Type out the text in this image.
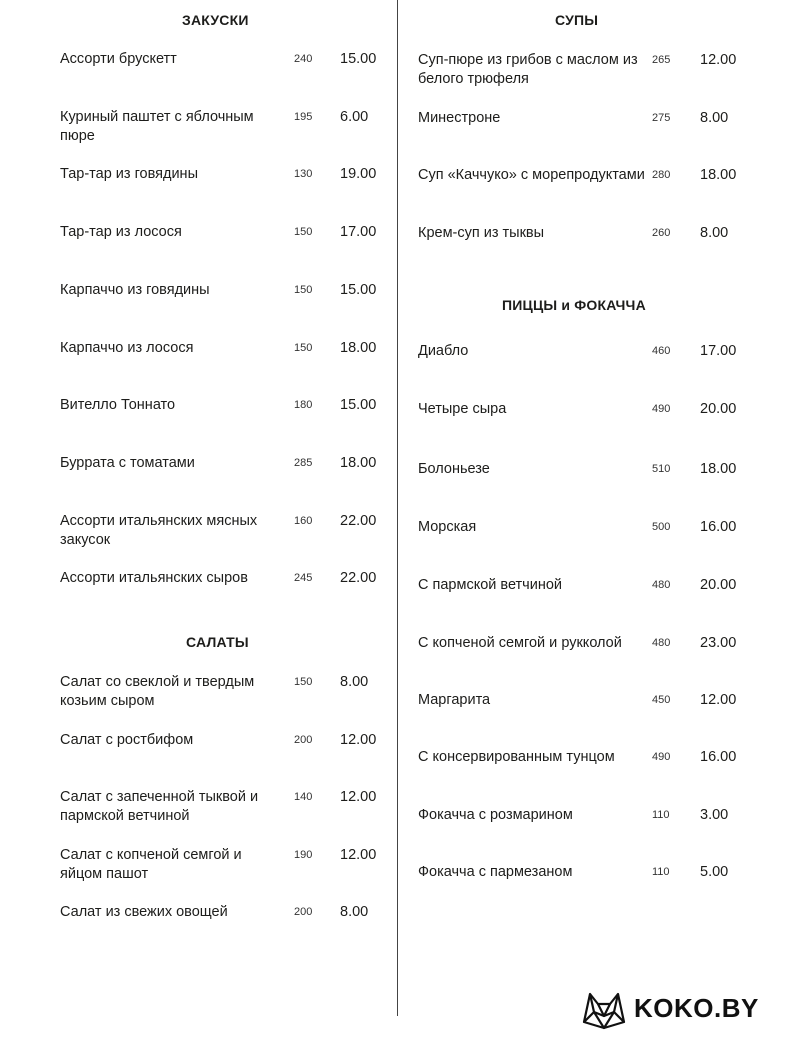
ЗАКУСКИ
Ассорти брускетт	240	15.00
Куриный паштет с яблочным пюре
195	6.00
Тар-тар из говядины	130	19.00
Тар-тар из лосося	150	17.00
Карпаччо из говядины	150	15.00
Карпаччо из лосося	150	18.00
Вителло Тоннато	180	15.00
Буррата с томатами	285	18.00
Ассорти итальянских мясных закусок
160	22.00
Ассорти итальянских сыров	245	22.00
САЛАТЫ
Салат со свеклой и твердым козьим сыром
150	8.00
Салат с ростбифом	200	12.00
Салат с запеченной тыквой и пармской ветчиной
140	12.00
Салат с копченой семгой и яйцом пашот
190	12.00
Салат из свежих овощей	200	8.00
СУПЫ
Суп-пюре из грибов с маслом из белого трюфеля
265	12.00
Минестроне	275	8.00
Суп «Каччуко» с морепродуктами 280	18.00
Крем-суп из тыквы	260	8.00
ПИЦЦЫ и ФОКАЧЧА
Диабло	460	17.00
Четыре сыра	490	20.00
Болоньезе	510	18.00
Морская	500	16.00
С пармской ветчиной	480	20.00
С копченой семгой и рукколой	480	23.00
Маргарита	450	12.00
С консервированным тунцом	490	16.00
Фокачча с розмарином	110	3.00
Фокачча с пармезаном	110	5.00
KOKO.BY
